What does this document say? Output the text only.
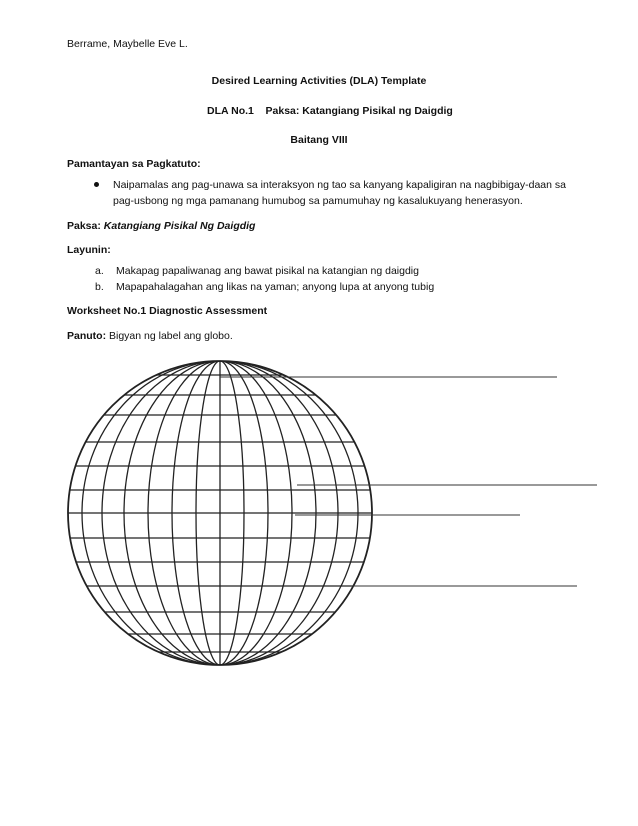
Berrame, Maybelle Eve L.
Desired Learning Activities (DLA) Template
DLA No.1    Paksa: Katangiang Pisikal ng Daigdig
Baitang VIII
Pamantayan sa Pagkatuto:
Naipamalas ang pag-unawa sa interaksyon ng tao sa kanyang kapaligiran na nagbibigay-daan sa pag-usbong ng mga pamanang humubog sa pamumuhay ng kasalukuyang henerasyon.
Paksa: Katangiang Pisikal Ng Daigdig
Layunin:
a. Makapag papaliwanag ang bawat pisikal na katangian ng daigdig
b. Mapapahalagahan ang likas na yaman; anyong lupa at anyong tubig
Worksheet No.1 Diagnostic Assessment
Panuto: Bigyan ng label ang globo.
